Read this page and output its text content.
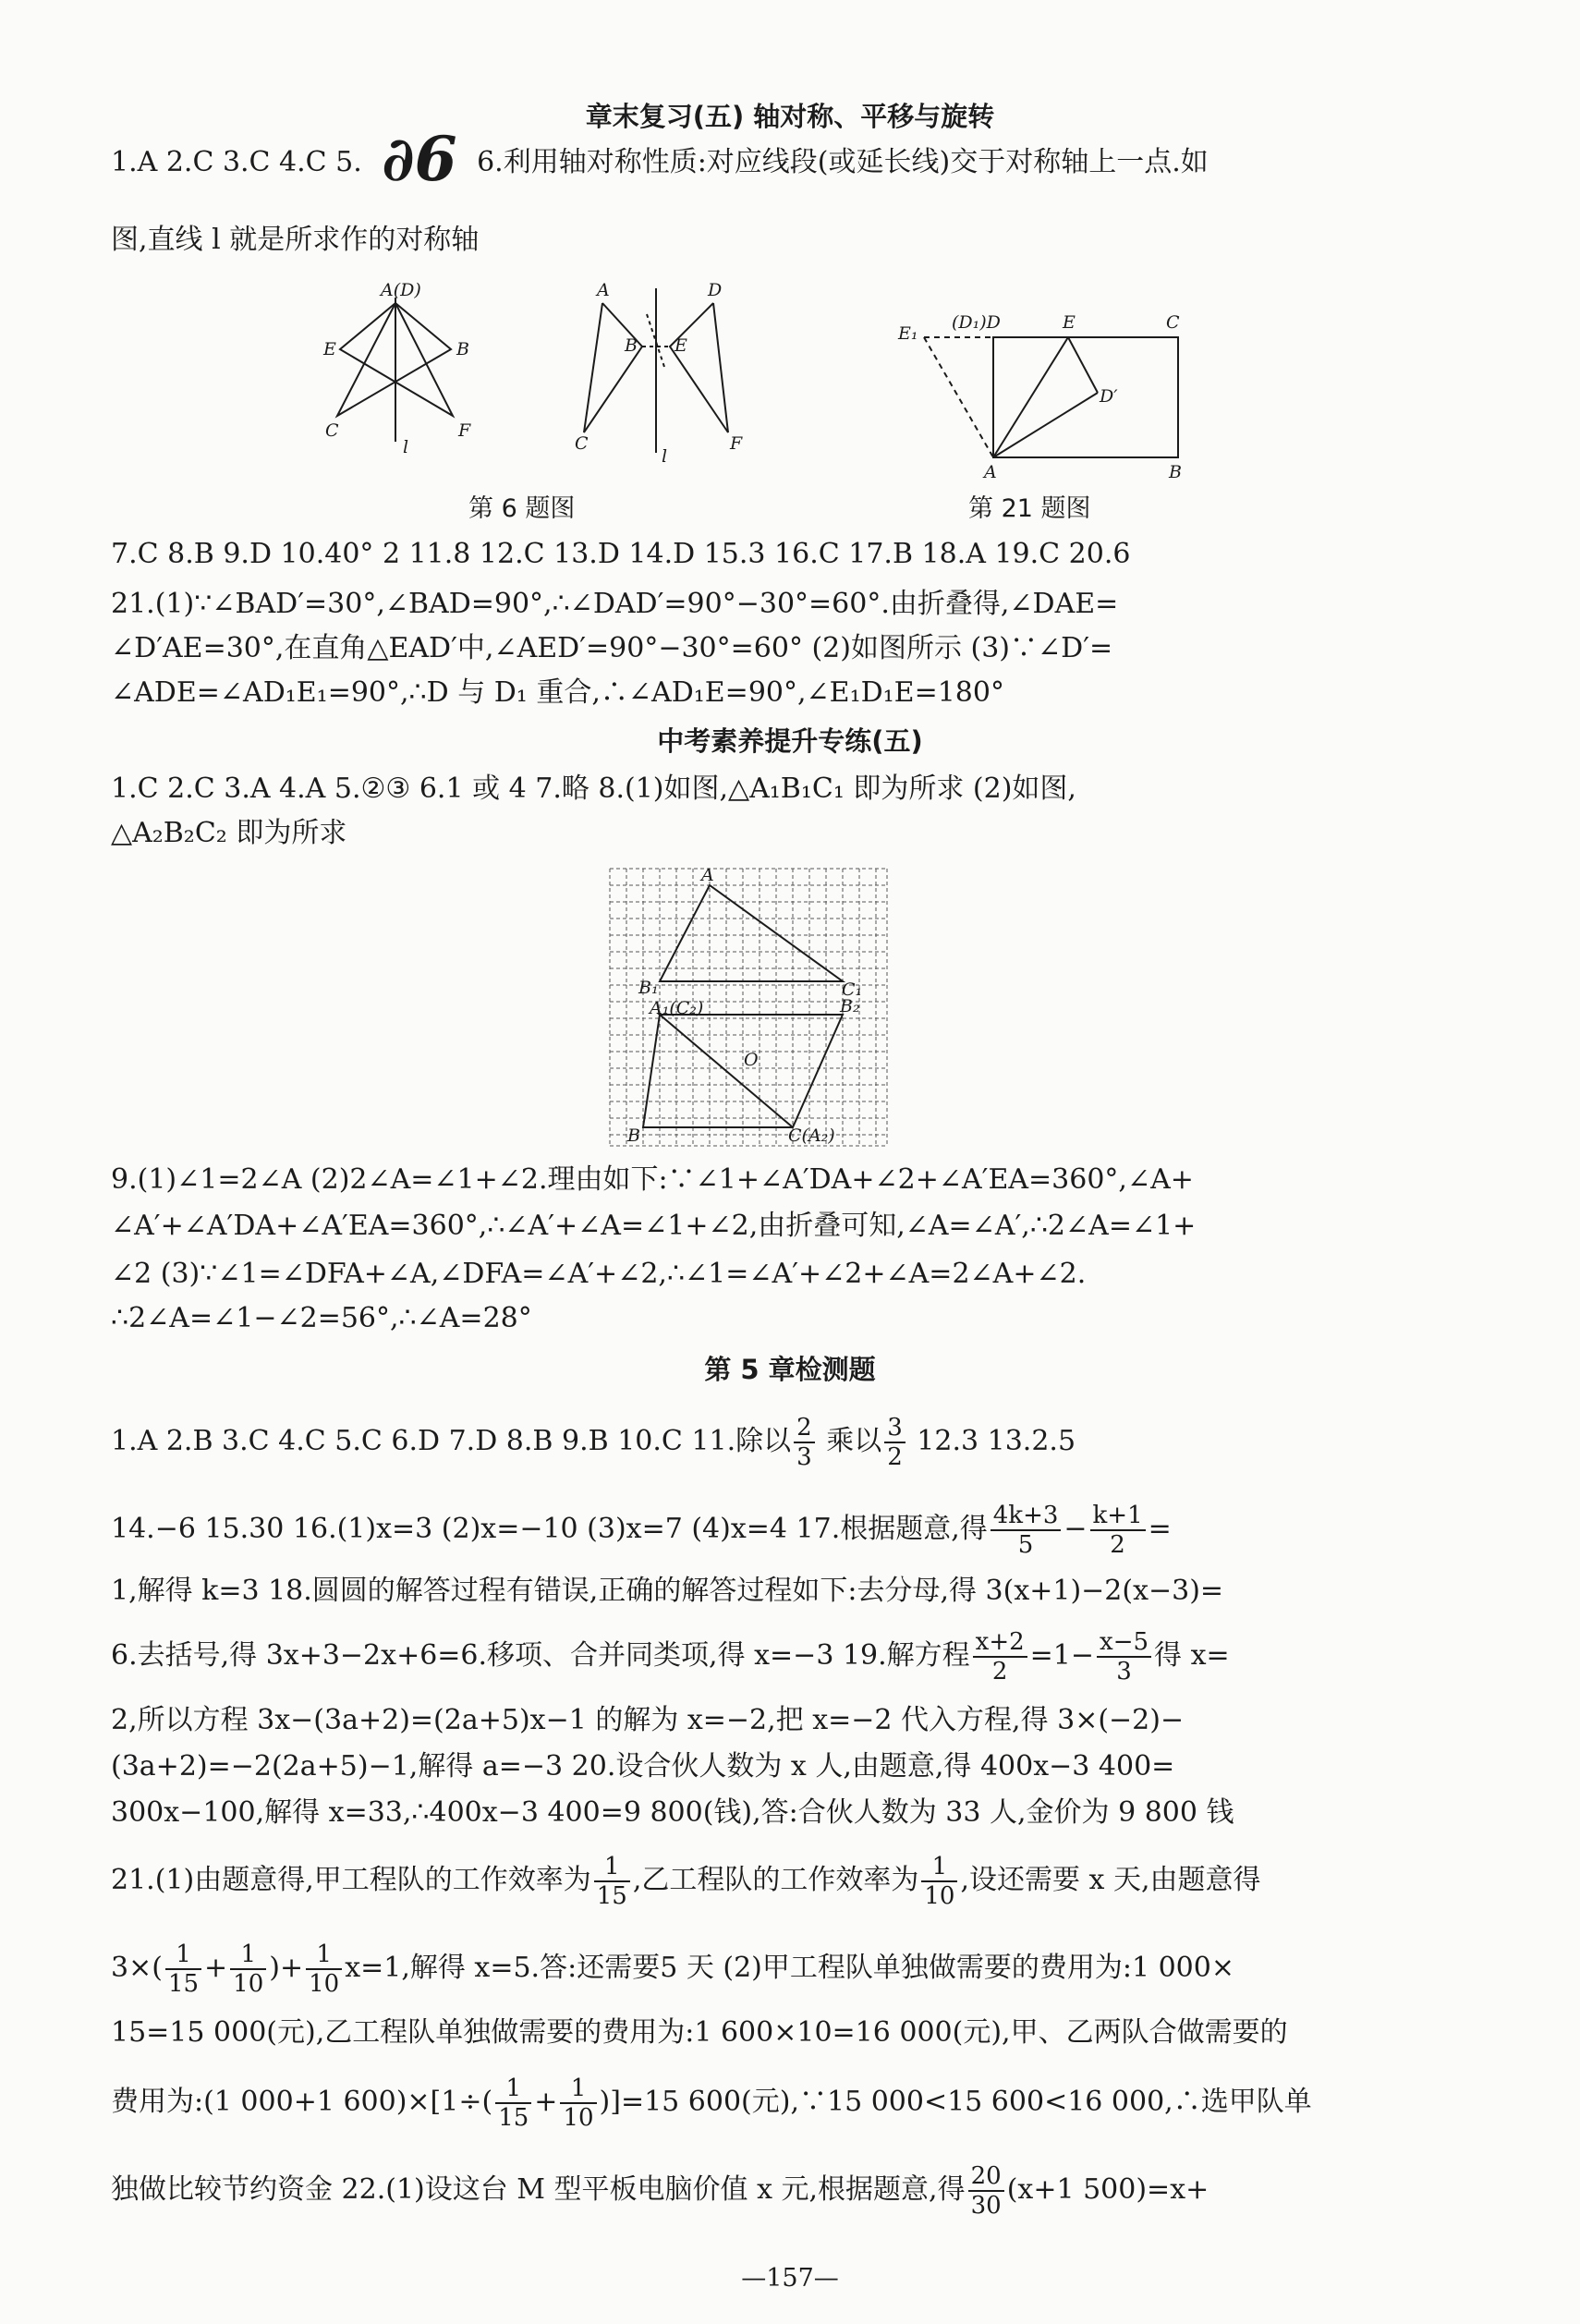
章末复习(五) 轴对称、平移与旋转
1.A 2.C 3.C 4.C 5. ∂6 6.利用轴对称性质:对应线段(或延长线)交于对称轴上一点.如
图,直线 l 就是所求作的对称轴
A(D)
E	B
C	F
l
A	D
B E
C	F
l
E₁
(D₁)D	E	C
D′
A	B
第 6 题图	第 21 题图
7.C 8.B 9.D 10.40° 2 11.8 12.C 13.D 14.D 15.3 16.C 17.B 18.A 19.C 20.6
21.(1)∵∠BAD′=30°,∠BAD=90°,∴∠DAD′=90°−30°=60°.由折叠得,∠DAE=
∠D′AE=30°,在直角△EAD′中,∠AED′=90°−30°=60° (2)如图所示 (3)∵∠D′=
∠ADE=∠AD₁E₁=90°,∴D 与 D₁ 重合,∴∠AD₁E=90°,∠E₁D₁E=180°
中考素养提升专练(五)
1.C 2.C 3.A 4.A 5.②③ 6.1 或 4 7.略 8.(1)如图,△A₁B₁C₁ 即为所求 (2)如图,
△A₂B₂C₂ 即为所求
A
B₁	C₁
A₁(C₂)	B₂
O
B	C(A₂)
9.(1)∠1=2∠A (2)2∠A=∠1+∠2.理由如下:∵∠1+∠A′DA+∠2+∠A′EA=360°,∠A+
∠A′+∠A′DA+∠A′EA=360°,∴∠A′+∠A=∠1+∠2,由折叠可知,∠A=∠A′,∴2∠A=∠1+
∠2 (3)∵∠1=∠DFA+∠A,∠DFA=∠A′+∠2,∴∠1=∠A′+∠2+∠A=2∠A+∠2.
∴2∠A=∠1−∠2=56°,∴∠A=28°
第 5 章检测题
1.A 2.B 3.C 4.C 5.C 6.D 7.D 8.B 9.B 10.C 11.除以 $\frac{2}{3}$ 乘以 $\frac{3}{2} 12.3$ 13.2.5
14.−6 15.30 16.(1)x=3 (2)x=−10 (3)x=7 (4)x=4 17.根据题意,得 $\frac{4k+3}{5} - \frac{k+1}{2}$ =
1,解得 k=3 18.圆圆的解答过程有错误,正确的解答过程如下:去分母,得 3(x+1)−2(x−3)=
6.去括号,得 3x+3−2x+6=6.移项、合并同类项,得 x=−3 19.解方程 $\frac{x+2}{2} =1- \frac{x-5}{3}$ 得 x=
2,所以方程 3x−(3a+2)=(2a+5)x−1 的解为 x=−2,把 x=−2 代入方程,得 3×(−2)−
(3a+2)=−2(2a+5)−1,解得 a=−3 20.设合伙人数为 x 人,由题意,得 400x−3 400=
300x−100,解得 x=33,∴400x−3 400=9 800(钱),答:合伙人数为 33 人,金价为 9 800 钱
21.(1)由题意得,甲工程队的工作效率为 $\frac{1}{15}$ ,乙工程队的工作效率为 $\frac{1}{10}$ ,设还需要 x 天,由题意得
$3\times( \frac{1}{15} + \frac{1}{10}$ )+ $\frac{1}{10} x=1$,解得 x=5.答:还需要5 天 (2)甲工程队单独做需要的费用为:1 000×
15=15 000(元),乙工程队单独做需要的费用为:1 600×10=16 000(元),甲、乙两队合做需要的
费用为:(1 000+1 $600)\times[1\div( \frac{1}{15} + \frac{1}{10} )]=15$ 600(元),∵15 000<15 600<16 000,∴选甲队单
独做比较节约资金 22.(1)设这台 M 型平板电脑价值 x 元,根据题意,得 $\frac{20}{30} (x+1$ 500)=x+
—157—
